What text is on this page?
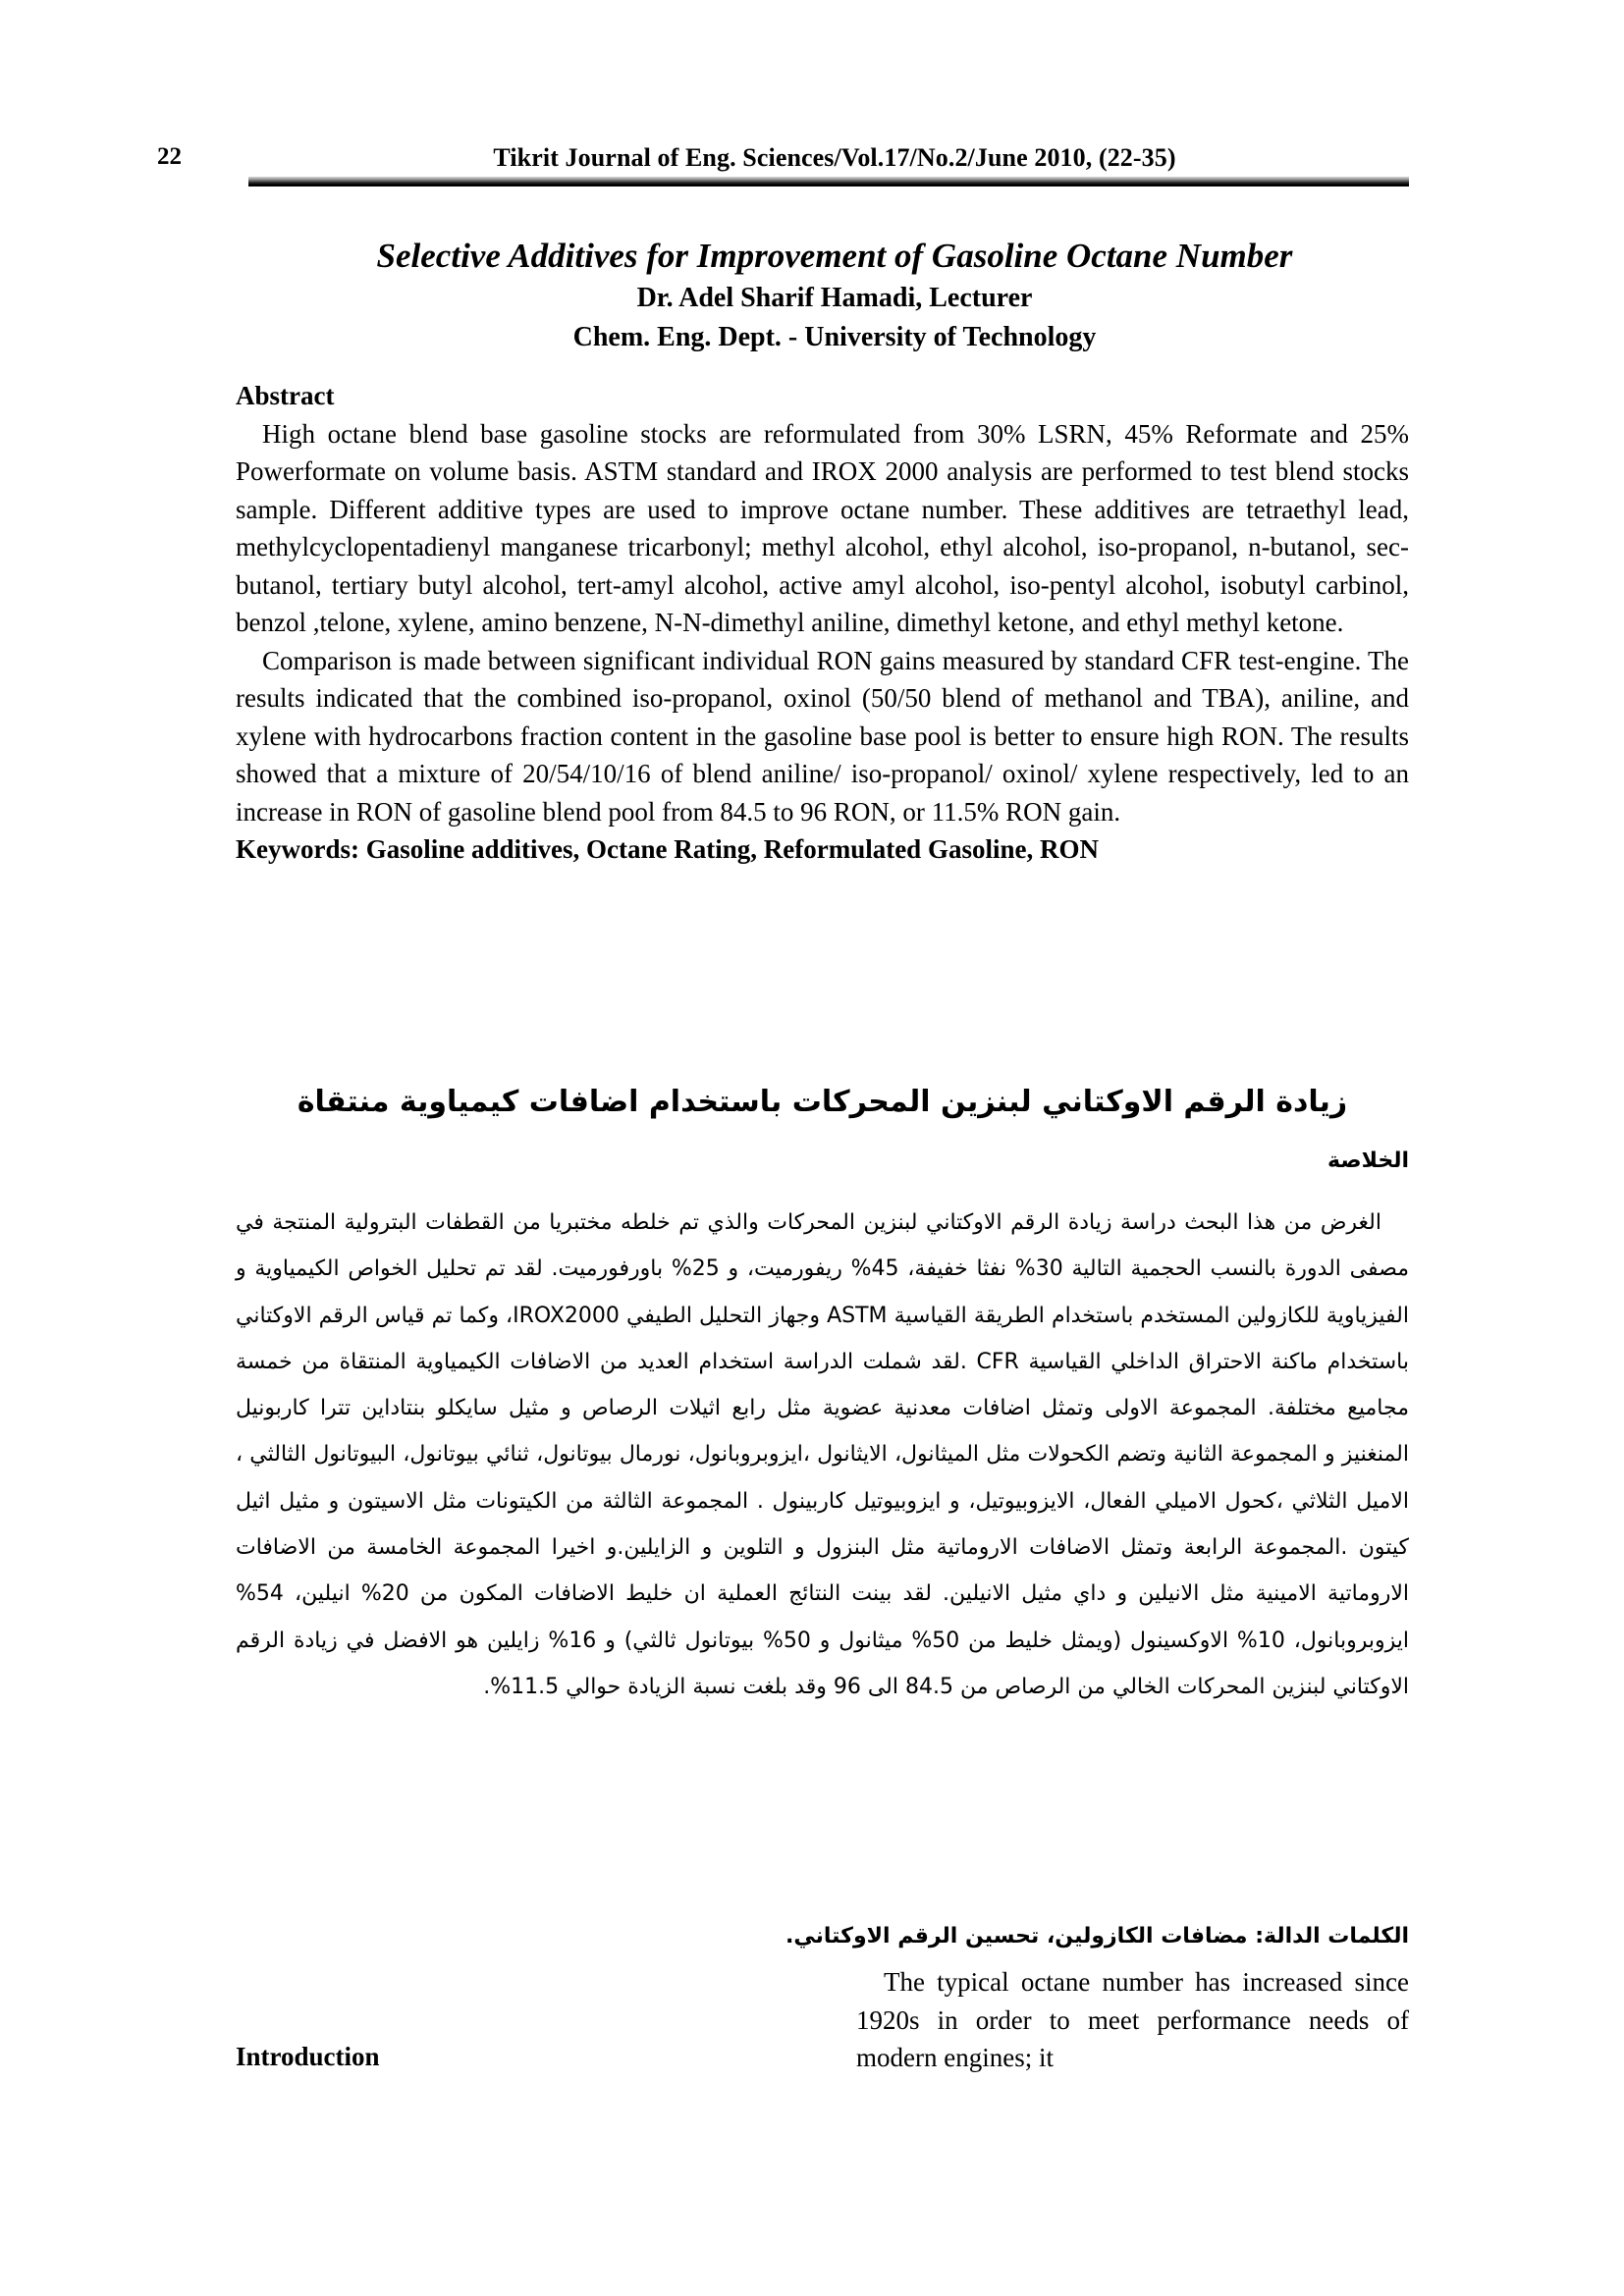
22	Tikrit Journal of Eng. Sciences/Vol.17/No.2/June 2010, (22-35)
Selective Additives for Improvement of Gasoline Octane Number

Dr. Adel Sharif Hamadi, Lecturer

Chem. Eng. Dept. - University of Technology

Abstract

High octane blend base gasoline stocks are reformulated from 30% LSRN, 45% Reformate and 25% Powerformate on volume basis. ASTM standard and IROX 2000 analysis are performed to test blend stocks sample. Different additive types are used to improve octane number. These additives are tetraethyl lead, methylcyclopentadienyl manganese tricarbonyl; methyl alcohol, ethyl alcohol, iso-propanol, n-butanol, sec-butanol, tertiary butyl alcohol, tert-amyl alcohol, active amyl alcohol, iso-pentyl alcohol, isobutyl carbinol, benzol ,telone, xylene, amino benzene, N-N-dimethyl aniline, dimethyl ketone, and ethyl methyl ketone.

Comparison is made between significant individual RON gains measured by standard CFR test-engine. The results indicated that the combined iso-propanol, oxinol (50/50 blend of methanol and TBA), aniline, and xylene with hydrocarbons fraction content in the gasoline base pool is better to ensure high RON. The results showed that a mixture of 20/54/10/16 of blend aniline/ iso-propanol/ oxinol/ xylene respectively, led to an increase in RON of gasoline blend pool from 84.5 to 96 RON, or 11.5% RON gain.

Keywords: Gasoline additives, Octane Rating, Reformulated Gasoline, RON

زيادة الرقم الاوكتاني لبنزين المحركات باستخدام اضافات كيمياوية منتقاة
الخلاصة

الغرض من هذا البحث دراسة زيادة الرقم الاوكتاني لبنزين المحركات والذي تم خلطه مختبريا من القطفات البترولية المنتجة في مصفى الدورة بالنسب الحجمية التالية 30% نفثا خفيفة، 45% ريفورميت، و 25% باورفورميت. لقد تم تحليل الخواص الكيمياوية و الفيزياوية للكازولين المستخدم باستخدام الطريقة القياسية ASTM وجهاز التحليل الطيفي IROX2000، وكما تم قياس الرقم الاوكتاني باستخدام ماكنة الاحتراق الداخلي القياسية CFR .لقد شملت الدراسة استخدام العديد من الاضافات الكيمياوية المنتقاة من خمسة مجاميع مختلفة. المجموعة الاولى وتمثل اضافات معدنية عضوية مثل رابع اثيلات الرصاص و مثيل سايكلو بنتاداين تترا كاربونيل المنغنيز و المجموعة الثانية وتضم الكحولات مثل الميثانول، الايثانول ،ايزوبروبانول، نورمال بيوتانول، ثنائي بيوتانول، البيوتانول الثالثي ، الاميل الثلاثي ،كحول الاميلي الفعال، الايزوبيوتيل، و ايزوبيوتيل كاربينول . المجموعة الثالثة من الكيتونات مثل الاسيتون و مثيل اثيل كيتون .المجموعة الرابعة وتمثل الاضافات الاروماتية مثل البنزول و التلوين و الزايلين.و اخيرا المجموعة الخامسة من الاضافات الاروماتية الامينية مثل الانيلين و داي مثيل الانيلين. لقد بينت النتائج العملية ان خليط الاضافات المكون من 20% انيلين، 54% ايزوبروبانول، 10% الاوكسينول (ويمثل خليط من 50% ميثانول و 50% بيوتانول ثالثي) و 16% زايلين هو الافضل في زيادة الرقم الاوكتاني لبنزين المحركات الخالي من الرصاص من 84.5 الى 96 وقد بلغت نسبة الزيادة حوالي 11.5%.

الكلمات الدالة: مضافات الكازولين، تحسين الرقم الاوكتاني.
Introduction

The typical octane number has increased since 1920s in order to meet performance needs of modern engines; it
